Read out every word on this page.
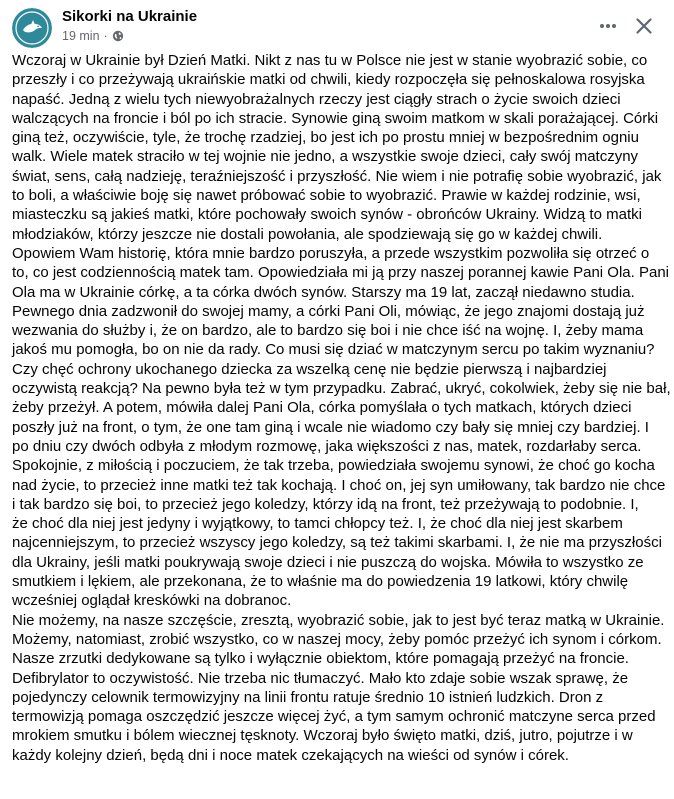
Sikorki na Ukrainie
19 min ·

Wczoraj w Ukrainie był Dzień Matki. Nikt z nas tu w Polsce nie jest w stanie wyobrazić sobie, co

przeszły i co przeżywają ukraińskie matki od chwili, kiedy rozpoczęła się pełnoskalowa rosyjska

napaść. Jedną z wielu tych niewyobrażalnych rzeczy jest ciągły strach o życie swoich dzieci

walczących na froncie i ból po ich stracie. Synowie giną swoim matkom w skali porażającej. Córki

giną też, oczywiście, tyle, że trochę rzadziej, bo jest ich po prostu mniej w bezpośrednim ogniu

walk. Wiele matek straciło w tej wojnie nie jedno, a wszystkie swoje dzieci, cały swój matczyny

świat, sens, całą nadzieję, teraźniejszość i przyszłość. Nie wiem i nie potrafię sobie wyobrazić, jak

to boli, a właściwie boję się nawet próbować sobie to wyobrazić. Prawie w każdej rodzinie, wsi,

miasteczku są jakieś matki, które pochowały swoich synów - obrońców Ukrainy. Widzą to matki

młodziaków, którzy jeszcze nie dostali powołania, ale spodziewają się go w każdej chwili.

Opowiem Wam historię, która mnie bardzo poruszyła, a przede wszystkim pozwoliła się otrzeć o

to, co jest codziennością matek tam. Opowiedziała mi ją przy naszej porannej kawie Pani Ola. Pani

Ola ma w Ukrainie córkę, a ta córka dwóch synów. Starszy ma 19 lat, zaczął niedawno studia.

Pewnego dnia zadzwonił do swojej mamy, a córki Pani Oli, mówiąc, że jego znajomi dostają już

wezwania do służby i, że on bardzo, ale to bardzo się boi i nie chce iść na wojnę. I, żeby mama

jakoś mu pomogła, bo on nie da rady. Co musi się dziać w matczynym sercu po takim wyznaniu?

Czy chęć ochrony ukochanego dziecka za wszelką cenę nie będzie pierwszą i najbardziej

oczywistą reakcją? Na pewno była też w tym przypadku. Zabrać, ukryć, cokolwiek, żeby się nie bał,

żeby przeżył. A potem, mówiła dalej Pani Ola, córka pomyślała o tych matkach, których dzieci

poszły już na front, o tym, że one tam giną i wcale nie wiadomo czy bały się mniej czy bardziej. I

po dniu czy dwóch odbyła z młodym rozmowę, jaka większości z nas, matek, rozdarłaby serca.

Spokojnie, z miłością i poczuciem, że tak trzeba, powiedziała swojemu synowi, że choć go kocha

nad życie, to przecież inne matki też tak kochają. I choć on, jej syn umiłowany, tak bardzo nie chce

i tak bardzo się boi, to przecież jego koledzy, którzy idą na front, też przeżywają to podobnie. I,

że choć dla niej jest jedyny i wyjątkowy, to tamci chłopcy też. I, że choć dla niej jest skarbem

najcenniejszym, to przecież wszyscy jego koledzy, są też takimi skarbami. I, że nie ma przyszłości

dla Ukrainy, jeśli matki poukrywają swoje dzieci i nie puszczą do wojska. Mówiła to wszystko ze

smutkiem i lękiem, ale przekonana, że to właśnie ma do powiedzenia 19 latkowi, który chwilę

wcześniej oglądał kreskówki na dobranoc.

Nie możemy, na nasze szczęście, zresztą, wyobrazić sobie, jak to jest być teraz matką w Ukrainie.

Możemy, natomiast, zrobić wszystko, co w naszej mocy, żeby pomóc przeżyć ich synom i córkom.

Nasze zrzutki dedykowane są tylko i wyłącznie obiektom, które pomagają przeżyć na froncie.

Defibrylator to oczywistość. Nie trzeba nic tłumaczyć. Mało kto zdaje sobie wszak sprawę, że

pojedynczy celownik termowizyjny na linii frontu ratuje średnio 10 istnień ludzkich. Dron z

termowizją pomaga oszczędzić jeszcze więcej żyć, a tym samym ochronić matczyne serca przed

mrokiem smutku i bólem wiecznej tęsknoty. Wczoraj było święto matki, dziś, jutro, pojutrze i w

każdy kolejny dzień, będą dni i noce matek czekających na wieści od synów i córek.
